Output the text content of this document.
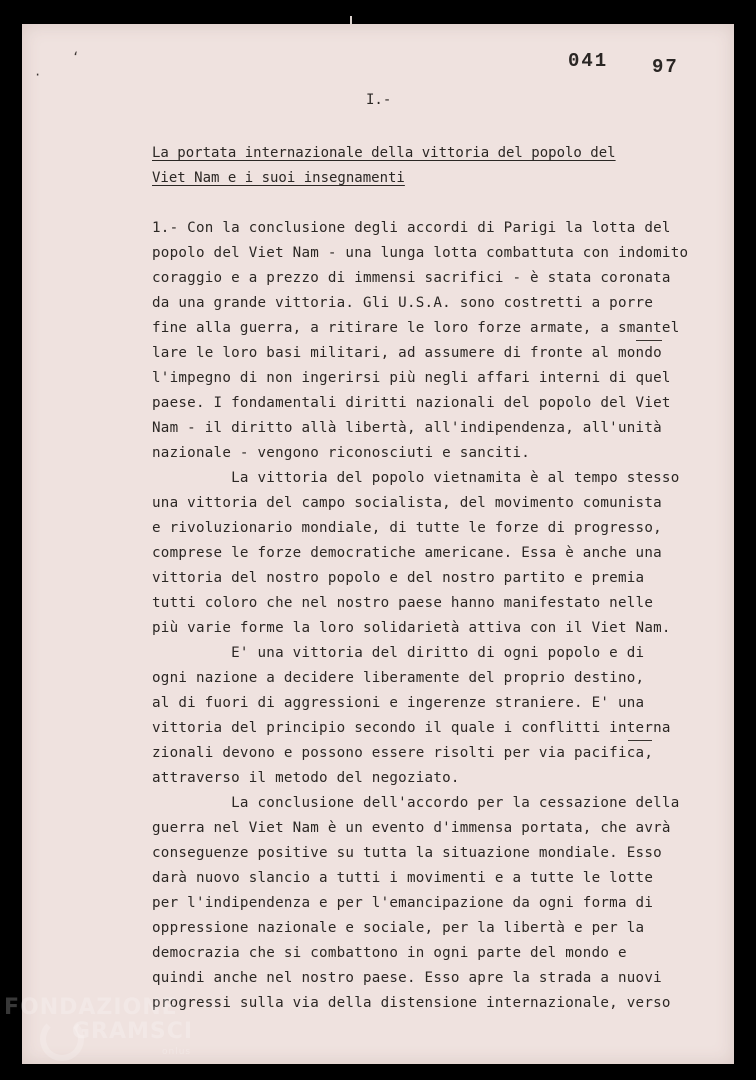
‘
·
041 97
I.-
La portata internazionale della vittoria del popolo del
Viet Nam e i suoi insegnamenti
1.- Con la conclusione degli accordi di Parigi la lotta del
popolo del Viet Nam - una lunga lotta combattuta con indomito
coraggio e a prezzo di immensi sacrifici - è stata coronata
da una grande vittoria. Gli U.S.A. sono costretti a porre
fine alla guerra, a ritirare le loro forze armate, a smantel
lare le loro basi militari, ad assumere di fronte al mondo
l'impegno di non ingerirsi più negli affari interni di quel
paese. I fondamentali diritti nazionali del popolo del Viet
Nam - il diritto allà libertà, all'indipendenza, all'unità
nazionale - vengono riconosciuti e sanciti.
La vittoria del popolo vietnamita è al tempo stesso
una vittoria del campo socialista, del movimento comunista
e rivoluzionario mondiale, di tutte le forze di progresso,
comprese le forze democratiche americane. Essa è anche una
vittoria del nostro popolo e del nostro partito e premia
tutti coloro che nel nostro paese hanno manifestato nelle
più varie forme la loro solidarietà attiva con il Viet Nam.
E' una vittoria del diritto di ogni popolo e di
ogni nazione a decidere liberamente del proprio destino,
al di fuori di aggressioni e ingerenze straniere. E' una
vittoria del principio secondo il quale i conflitti interna
zionali devono e possono essere risolti per via pacifica,
attraverso il metodo del negoziato.
La conclusione dell'accordo per la cessazione della
guerra nel Viet Nam è un evento d'immensa portata, che avrà
conseguenze positive su tutta la situazione mondiale. Esso
darà nuovo slancio a tutti i movimenti e a tutte le lotte
per l'indipendenza e per l'emancipazione da ogni forma di
oppressione nazionale e sociale, per la libertà e per la
democrazia che si combattono in ogni parte del mondo e
quindi anche nel nostro paese. Esso apre la strada a nuovi
progressi sulla via della distensione internazionale, verso
FONDAZIONE
GRAMSCI
onlus
